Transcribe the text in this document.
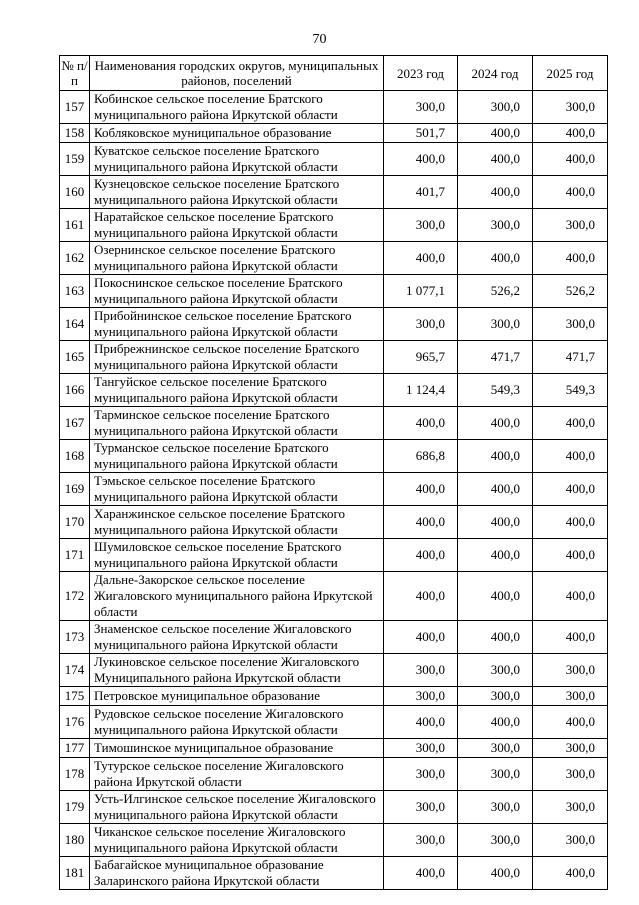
70
№ п/п	Наименования городских округов, муниципальных районов, поселений	2023 год	2024 год	2025 год
157	Кобинское сельское поселение Братского муниципального района Иркутской области	300,0	300,0	300,0
158	Кобляковское муниципальное образование	501,7	400,0	400,0
159	Куватское сельское поселение Братского муниципального района Иркутской области	400,0	400,0	400,0
160	Кузнецовское сельское поселение Братского муниципального района Иркутской области	401,7	400,0	400,0
161	Наратайское сельское поселение Братского муниципального района Иркутской области	300,0	300,0	300,0
162	Озернинское сельское поселение Братского муниципального района Иркутской области	400,0	400,0	400,0
163	Покоснинское сельское поселение Братского муниципального района Иркутской области	1 077,1	526,2	526,2
164	Прибойнинское сельское поселение Братского муниципального района Иркутской области	300,0	300,0	300,0
165	Прибрежнинское сельское поселение Братского муниципального района Иркутской области	965,7	471,7	471,7
166	Тангуйское сельское поселение Братского муниципального района Иркутской области	1 124,4	549,3	549,3
167	Тарминское сельское поселение Братского муниципального района Иркутской области	400,0	400,0	400,0
168	Турманское сельское поселение Братского муниципального района Иркутской области	686,8	400,0	400,0
169	Тэмьское сельское поселение Братского муниципального района Иркутской области	400,0	400,0	400,0
170	Харанжинское сельское поселение Братского муниципального района Иркутской области	400,0	400,0	400,0
171	Шумиловское сельское поселение Братского муниципального района Иркутской области	400,0	400,0	400,0
172	Дальне-Закорское сельское поселение Жигаловского муниципального района Иркутской области	400,0	400,0	400,0
173	Знаменское сельское поселение Жигаловского муниципального района Иркутской области	400,0	400,0	400,0
174	Лукиновское сельское поселение Жигаловского Муниципального района Иркутской области	300,0	300,0	300,0
175	Петровское муниципальное образование	300,0	300,0	300,0
176	Рудовское сельское поселение Жигаловского муниципального района Иркутской области	400,0	400,0	400,0
177	Тимошинское муниципальное образование	300,0	300,0	300,0
178	Тутурское сельское поселение Жигаловского района Иркутской области	300,0	300,0	300,0
179	Усть-Илгинское сельское поселение Жигаловского муниципального района Иркутской области	300,0	300,0	300,0
180	Чиканское сельское поселение Жигаловского муниципального района Иркутской области	300,0	300,0	300,0
181	Бабагайское муниципальное образование Заларинского района Иркутской области	400,0	400,0	400,0
